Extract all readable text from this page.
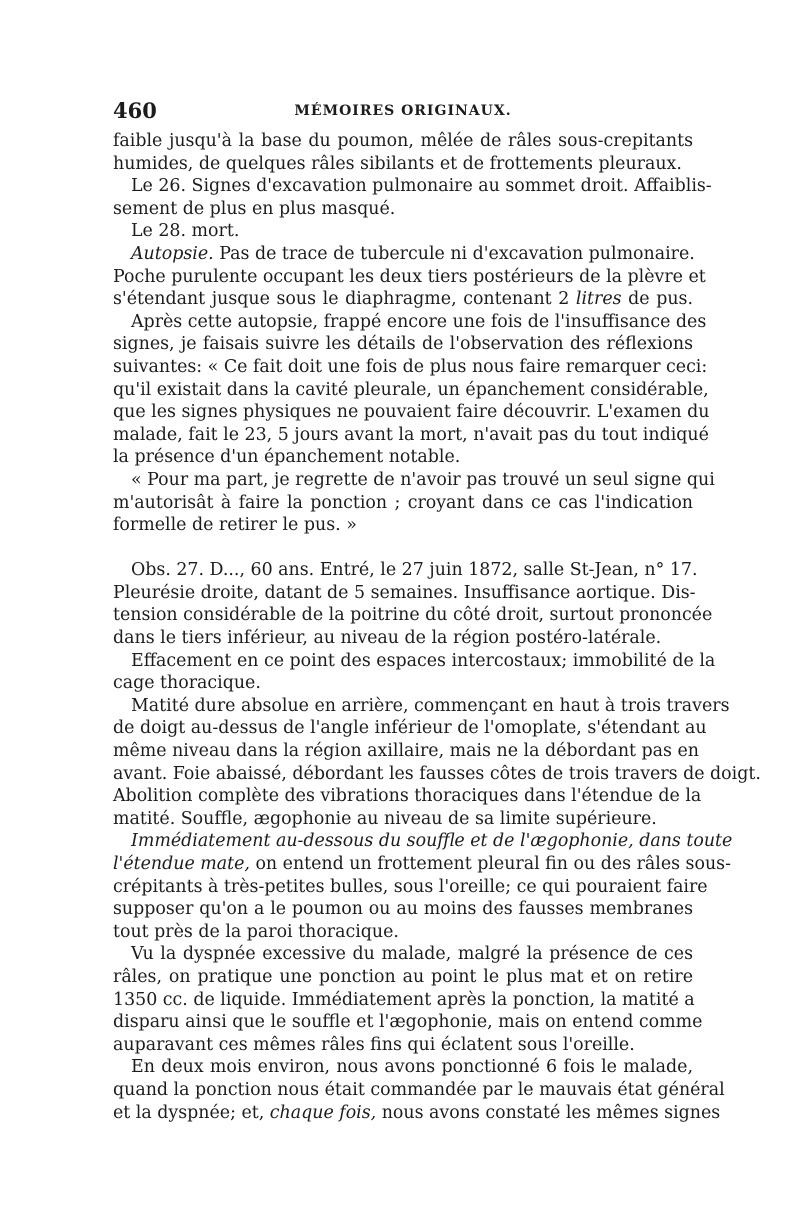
460	MÉMOIRES ORIGINAUX.
faible jusqu'à la base du poumon, mêlée de râles sous-crepitants
humides, de quelques râles sibilants et de frottements pleuraux.
Le 26. Signes d'excavation pulmonaire au sommet droit. Affaiblis-
sement de plus en plus masqué.
Le 28. mort.
Autopsie. Pas de trace de tubercule ni d'excavation pulmonaire.
Poche purulente occupant les deux tiers postérieurs de la plèvre et
s'étendant jusque sous le diaphragme, contenant 2 litres de pus.
Après cette autopsie, frappé encore une fois de l'insuffisance des
signes, je faisais suivre les détails de l'observation des réflexions
suivantes: « Ce fait doit une fois de plus nous faire remarquer ceci:
qu'il existait dans la cavité pleurale, un épanchement considérable,
que les signes physiques ne pouvaient faire découvrir. L'examen du
malade, fait le 23, 5 jours avant la mort, n'avait pas du tout indiqué
la présence d'un épanchement notable.
« Pour ma part, je regrette de n'avoir pas trouvé un seul signe qui
m'autorisât à faire la ponction ; croyant dans ce cas l'indication
formelle de retirer le pus. »
Obs. 27. D..., 60 ans. Entré, le 27 juin 1872, salle St-Jean, n° 17.
Pleurésie droite, datant de 5 semaines. Insuffisance aortique. Dis-
tension considérable de la poitrine du côté droit, surtout prononcée
dans le tiers inférieur, au niveau de la région postéro-latérale.
Effacement en ce point des espaces intercostaux; immobilité de la
cage thoracique.
Matité dure absolue en arrière, commençant en haut à trois travers
de doigt au-dessus de l'angle inférieur de l'omoplate, s'étendant au
même niveau dans la région axillaire, mais ne la débordant pas en
avant. Foie abaissé, débordant les fausses côtes de trois travers de doigt.
Abolition complète des vibrations thoraciques dans l'étendue de la
matité. Souffle, ægophonie au niveau de sa limite supérieure.
Immédiatement au-dessous du souffle et de l'ægophonie, dans toute
l'étendue mate, on entend un frottement pleural fin ou des râles sous-
crépitants à très-petites bulles, sous l'oreille; ce qui pouraient faire
supposer qu'on a le poumon ou au moins des fausses membranes
tout près de la paroi thoracique.
Vu la dyspnée excessive du malade, malgré la présence de ces
râles, on pratique une ponction au point le plus mat et on retire
1350 cc. de liquide. Immédiatement après la ponction, la matité a
disparu ainsi que le souffle et l'ægophonie, mais on entend comme
auparavant ces mêmes râles fins qui éclatent sous l'oreille.
En deux mois environ, nous avons ponctionné 6 fois le malade,
quand la ponction nous était commandée par le mauvais état général
et la dyspnée; et, chaque fois, nous avons constaté les mêmes signes
